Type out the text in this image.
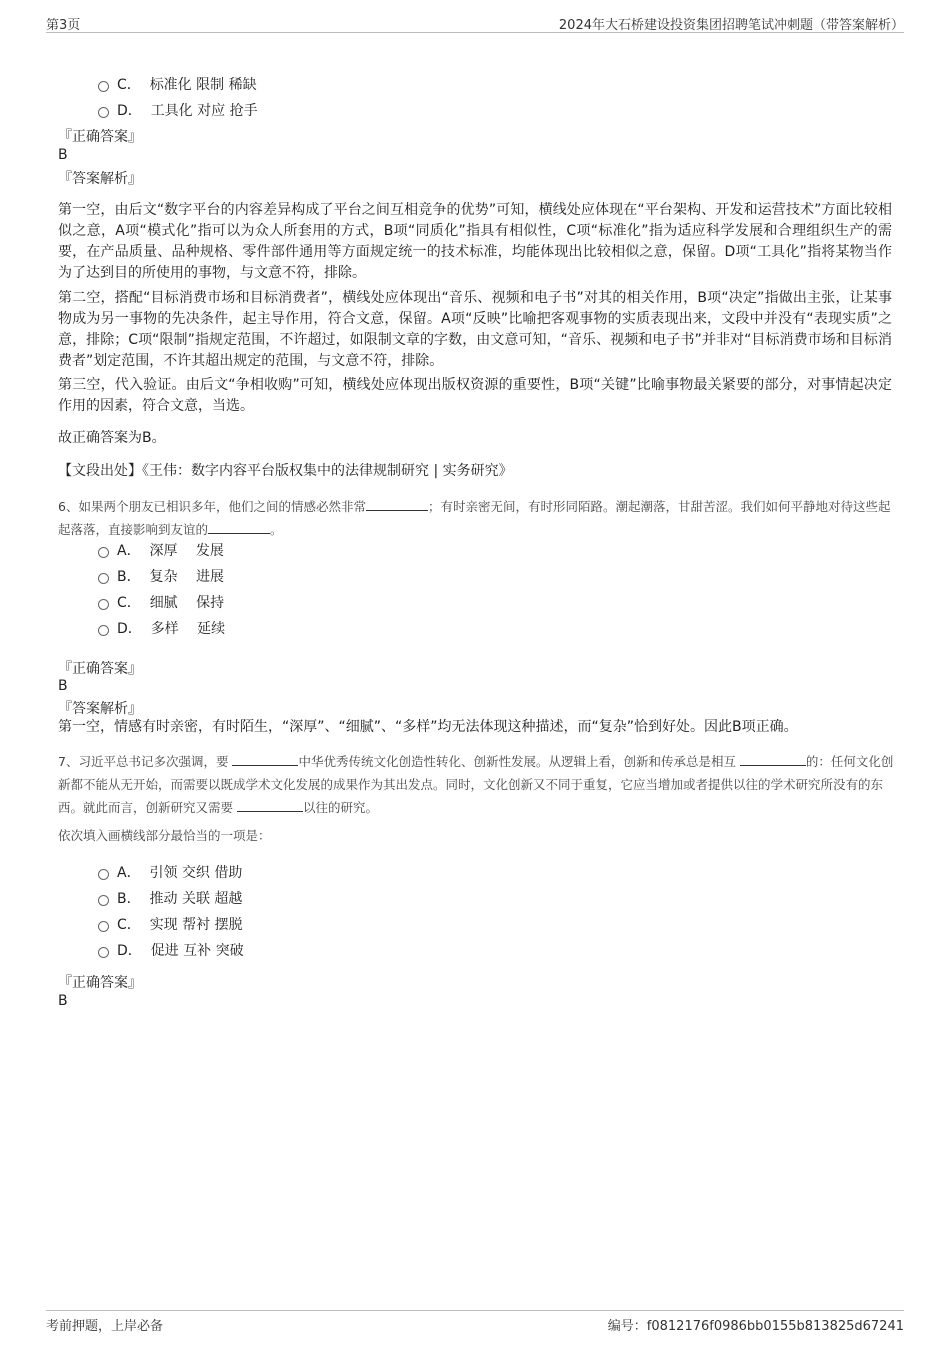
第3页	2024年大石桥建设投资集团招聘笔试冲刺题（带答案解析）
C．
标准化 限制 稀缺
D．
工具化 对应 抢手
『正确答案』
B
『答案解析』

第一空，由后文“数字平台的内容差异构成了平台之间互相竞争的优势”可知，横线处应体现在“平台架构、开发和运营技术”方面比较相似之意，A项“模式化”指可以为众人所套用的方式，B项“同质化”指具有相似性，C项“标准化”指为适应科学发展和合理组织生产的需要，在产品质量、品种规格、零件部件通用等方面规定统一的技术标准，均能体现出比较相似之意，保留。D项“工具化”指将某物当作为了达到目的所使用的事物，与文意不符，排除。

第二空，搭配“目标消费市场和目标消费者”，横线处应体现出“音乐、视频和电子书”对其的相关作用，B项“决定”指做出主张，让某事物成为另一事物的先决条件，起主导作用，符合文意，保留。A项“反映”比喻把客观事物的实质表现出来，文段中并没有“表现实质”之意，排除；C项“限制”指规定范围，不许超过，如限制文章的字数，由文意可知，“音乐、视频和电子书”并非对“目标消费市场和目标消费者”划定范围，不许其超出规定的范围，与文意不符，排除。

第三空，代入验证。由后文“争相收购”可知，横线处应体现出版权资源的重要性，B项“关键”比喻事物最关紧要的部分，对事情起决定作用的因素，符合文意，当选。

故正确答案为B。

【文段出处】《王伟：数字内容平台版权集中的法律规制研究 | 实务研究》

6、如果两个朋友已相识多年，他们之间的情感必然非常	；有时亲密无间，有时形同陌路。潮起潮落，甘甜苦涩。我们如何平静地对待这些起起落落，直接影响到友谊的	。

A．
深厚　 发展
B．
复杂　 进展
C．
细腻　 保持
D．
多样　 延续
『正确答案』
B
『答案解析』
第一空，情感有时亲密，有时陌生，“深厚”、“细腻”、“多样”均无法体现这种描述，而“复杂”恰到好处。因此B项正确。

7、习近平总书记多次强调，要	中华优秀传统文化创造性转化、创新性发展。从逻辑上看，创新和传承总是相互	的：任何文化创新都不能从无开始，而需要以既成学术文化发展的成果作为其出发点。同时，文化创新又不同于重复，它应当增加或者提供以往的学术研究所没有的东西。就此而言，创新研究又需要	以往的研究。

依次填入画横线部分最恰当的一项是：
A．
引领 交织 借助
B．
推动 关联 超越
C．
实现 帮衬 摆脱
D．
促进 互补 突破
『正确答案』
B
考前押题，上岸必备	编号：f0812176f0986bb0155b813825d67241
